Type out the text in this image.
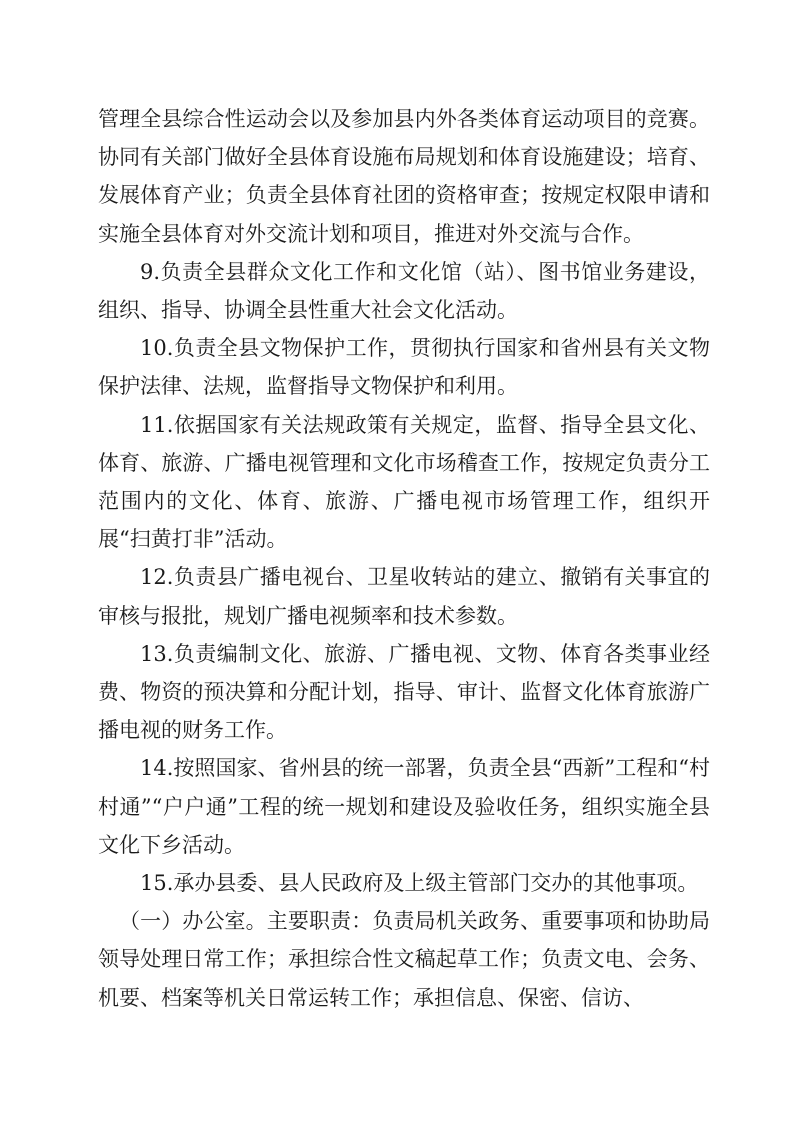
管理全县综合性运动会以及参加县内外各类体育运动项目的竞赛。协同有关部门做好全县体育设施布局规划和体育设施建设；培育、发展体育产业；负责全县体育社团的资格审查；按规定权限申请和实施全县体育对外交流计划和项目，推进对外交流与合作。

9.负责全县群众文化工作和文化馆（站）、图书馆业务建设，组织、指导、协调全县性重大社会文化活动。

10.负责全县文物保护工作，贯彻执行国家和省州县有关文物保护法律、法规，监督指导文物保护和利用。

11.依据国家有关法规政策有关规定，监督、指导全县文化、体育、旅游、广播电视管理和文化市场稽查工作，按规定负责分工范围内的文化、体育、旅游、广播电视市场管理工作，组织开展“扫黄打非”活动。

12.负责县广播电视台、卫星收转站的建立、撤销有关事宜的审核与报批，规划广播电视频率和技术参数。

13.负责编制文化、旅游、广播电视、文物、体育各类事业经费、物资的预决算和分配计划，指导、审计、监督文化体育旅游广播电视的财务工作。

14.按照国家、省州县的统一部署，负责全县“西新”工程和“村村通”“户户通”工程的统一规划和建设及验收任务，组织实施全县文化下乡活动。

15.承办县委、县人民政府及上级主管部门交办的其他事项。

（一）办公室。主要职责：负责局机关政务、重要事项和协助局领导处理日常工作；承担综合性文稿起草工作；负责文电、会务、机要、档案等机关日常运转工作；承担信息、保密、信访、
